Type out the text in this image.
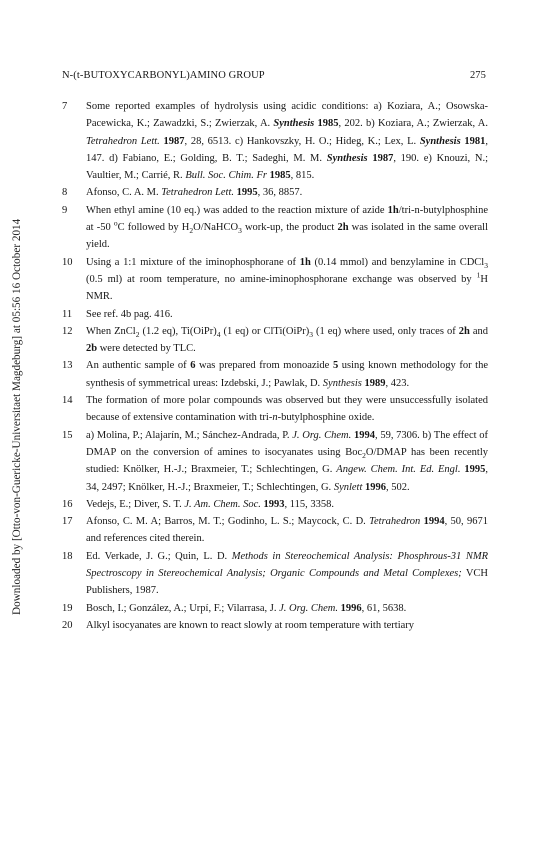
N-(t-BUTOXYCARBONYL)AMINO GROUP	275
Downloaded by [Otto-von-Guericke-Universitaet Magdeburg] at 05:56 16 October 2014
7	Some reported examples of hydrolysis using acidic conditions: a) Koziara, A.; Osowska-Pacewicka, K.; Zawadzki, S.; Zwierzak, A. Synthesis 1985, 202. b) Koziara, A.; Zwierzak, A. Tetrahedron Lett. 1987, 28, 6513. c) Hankovszky, H. O.; Hideg, K.; Lex, L. Synthesis 1981, 147. d) Fabiano, E.; Golding, B. T.; Sadeghi, M. M. Synthesis 1987, 190. e) Knouzi, N.; Vaultier, M.; Carrié, R. Bull. Soc. Chim. Fr 1985, 815.
8	Afonso, C. A. M. Tetrahedron Lett. 1995, 36, 8857.
9	When ethyl amine (10 eq.) was added to the reaction mixture of azide 1h/tri-n-butylphosphine at -50 $^o$C followed by $H_2O/NaHCO_3$ work-up, the product 2h was isolated in the same overall yield.
10	Using a 1:1 mixture of the iminophosphorane of 1h (0.14 mmol) and benzylamine in CDCl$_3$ (0.5 ml) at room temperature, no amine-iminophosphorane exchange was observed by $^1$H NMR.
11	See ref. 4b pag. 416.
12	When ZnCl$_2$ (1.2 eq), $Ti(OiPr)_4$ (1 eq) or $ClTi(OiPr)_3$ (1 eq) where used, only traces of 2h and 2b were detected by TLC.
13	An authentic sample of 6 was prepared from monoazide 5 using known methodology for the synthesis of symmetrical ureas: Izdebski, J.; Pawlak, D. Synthesis 1989, 423.
14	The formation of more polar compounds was observed but they were unsuccessfully isolated because of extensive contamination with tri-n-butylphosphine oxide.
15	a) Molina, P.; Alajarín, M.; Sánchez-Andrada, P. J. Org. Chem. 1994, 59, 7306. b) The effect of DMAP on the conversion of amines to isocyanates using Boc$_2$O/DMAP has been recently studied: Knölker, H.-J.; Braxmeier, T.; Schlechtingen, G. Angew. Chem. Int. Ed. Engl. 1995, 34, 2497; Knölker, H.-J.; Braxmeier, T.; Schlechtingen, G. Synlett 1996, 502.
16	Vedejs, E.; Diver, S. T. J. Am. Chem. Soc. 1993, 115, 3358.
17	Afonso, C. M. A; Barros, M. T.; Godinho, L. S.; Maycock, C. D. Tetrahedron 1994, 50, 9671 and references cited therein.
18	Ed. Verkade, J. G.; Quin, L. D. Methods in Stereochemical Analysis: Phosphrous-31 NMR Spectroscopy in Stereochemical Analysis; Organic Compounds and Metal Complexes; VCH Publishers, 1987.
19	Bosch, I.; González, A.; Urpí, F.; Vilarrasa, J. J. Org. Chem. 1996, 61, 5638.
20	Alkyl isocyanates are known to react slowly at room temperature with tertiary
